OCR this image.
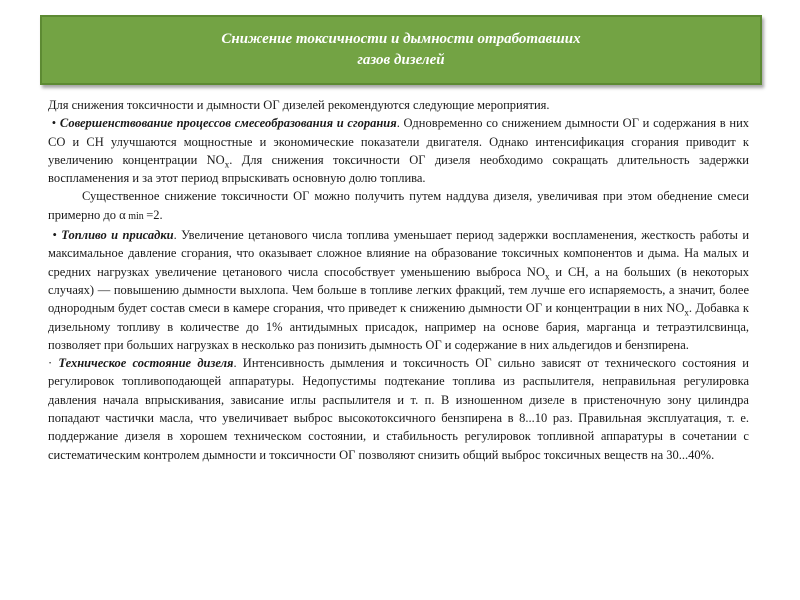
Снижение токсичности и дымности отработавших
газов дизелей

Для снижения токсичности и дымности ОГ дизелей рекомендуются следующие мероприятия.

• Совершенствование процессов смесеобразования и сгорания. Одновременно со снижением дымности ОГ и содержания в них СО и СН улучшаются мощностные и экономические показатели двигателя. Однако интенсификация сгорания приводит к увеличению концентрации $NO_x$. Для снижения токсичности ОГ дизеля необходимо сокращать длительность задержки воспламенения и за этот период впрыскивать основную долю топлива.

Существенное снижение токсичности ОГ можно получить путем наддува дизеля, увеличивая при этом обеднение смеси примерно до α min =2.

• Топливо и присадки. Увеличение цетанового числа топлива уменьшает период задержки воспламенения, жесткость работы и максимальное давление сгорания, что оказывает сложное влияние на образование токсичных компонентов и дыма. На малых и средних нагрузках увеличение цетанового числа способствует уменьшению выброса $NO_x$ и СН, а на больших (в некоторых случаях) — повышению дымности выхлопа. Чем больше в топливе легких фракций, тем лучше его испаряемость, а значит, более однородным будет состав смеси в камере сгорания, что приведет к снижению дымности ОГ и концентрации в них $NO_x$. Добавка к дизельному топливу в количестве до 1% антидымных присадок, например на основе бария, марганца и тетраэтилсвинца, позволяет при больших нагрузках в несколько раз понизить дымность ОГ и содержание в них альдегидов и бензпирена.

· Техническое состояние дизеля. Интенсивность дымления и токсичность ОГ сильно зависят от технического состояния и регулировок топливоподающей аппаратуры. Недопустимы подтекание топлива из распылителя, неправильная регулировка давления начала впрыскивания, зависание иглы распылителя и т. п. В изношенном дизеле в пристеночную зону цилиндра попадают частички масла, что увеличивает выброс высокотоксичного бензпирена в 8...10 раз. Правильная эксплуатация, т. е. поддержание дизеля в хорошем техническом состоянии, и стабильность регулировок топливной аппаратуры в сочетании с систематическим контролем дымности и токсичности ОГ позволяют снизить общий выброс токсичных веществ на 30...40%.
